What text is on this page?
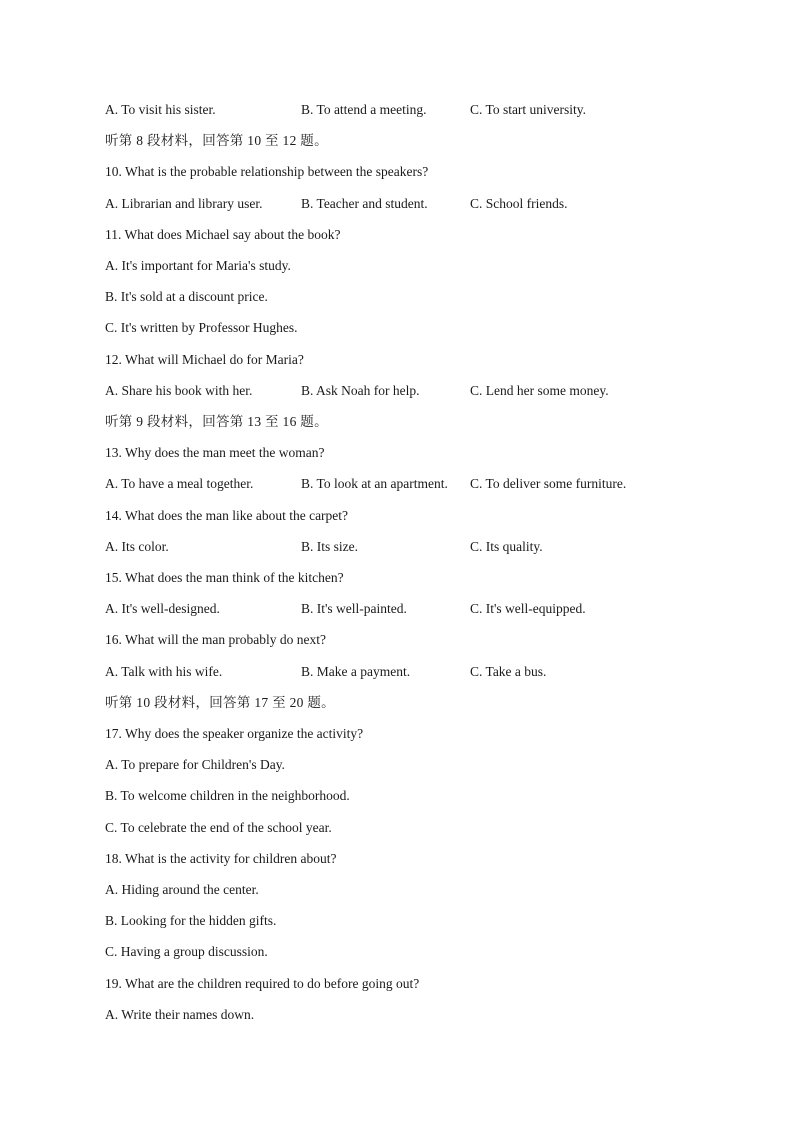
A. To visit his sister.	B. To attend a meeting.	C. To start university.
听第 8 段材料，回答第 10 至 12 题。
10. What is the probable relationship between the speakers?
A. Librarian and library user.	B. Teacher and student.	C. School friends.
11. What does Michael say about the book?
A. It's important for Maria's study.
B. It's sold at a discount price.
C. It's written by Professor Hughes.
12. What will Michael do for Maria?
A. Share his book with her.	B. Ask Noah for help.	C. Lend her some money.
听第 9 段材料，回答第 13 至 16 题。
13. Why does the man meet the woman?
A. To have a meal together.	B. To look at an apartment. C. To deliver some furniture.
14. What does the man like about the carpet?
A. Its color.	B. Its size.	C. Its quality.
15. What does the man think of the kitchen?
A. It's well-designed.	B. It's well-painted.	C. It's well-equipped.
16. What will the man probably do next?
A. Talk with his wife.	B. Make a payment.	C. Take a bus.
听第 10 段材料，回答第 17 至 20 题。
17. Why does the speaker organize the activity?
A. To prepare for Children's Day.
B. To welcome children in the neighborhood.
C. To celebrate the end of the school year.
18. What is the activity for children about?
A. Hiding around the center.
B. Looking for the hidden gifts.
C. Having a group discussion.
19. What are the children required to do before going out?
A. Write their names down.
